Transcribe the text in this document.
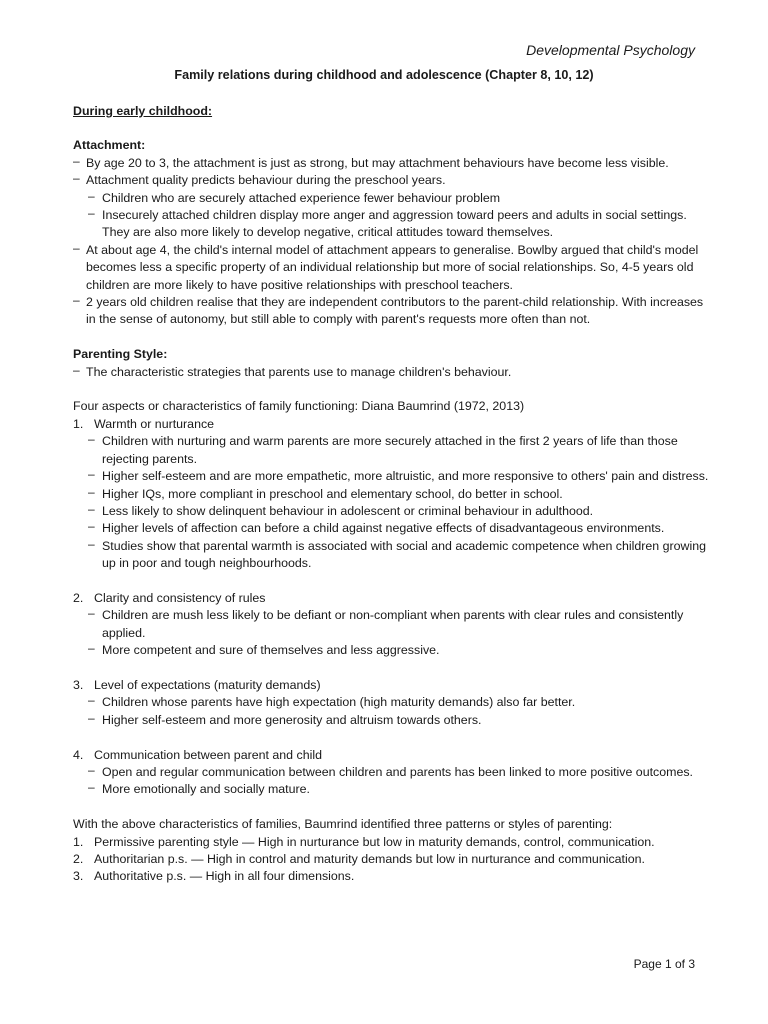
Developmental Psychology
Family relations during childhood and adolescence (Chapter 8, 10, 12)
During early childhood:
Attachment:
– By age 20 to 3, the attachment is just as strong, but may attachment behaviours have become less visible.
– Attachment quality predicts behaviour during the preschool years.
– Children who are securely attached experience fewer behaviour problem
– Insecurely attached children display more anger and aggression toward peers and adults in social settings. They are also more likely to develop negative, critical attitudes toward themselves.
– At about age 4, the child's internal model of attachment appears to generalise. Bowlby argued that child's model becomes less a specific property of an individual relationship but more of social relationships. So, 4-5 years old children are more likely to have positive relationships with preschool teachers.
– 2 years old children realise that they are independent contributors to the parent-child relationship. With increases in the sense of autonomy, but still able to comply with parent's requests more often than not.
Parenting Style:
– The characteristic strategies that parents use to manage children's behaviour.

Four aspects or characteristics of family functioning: Diana Baumrind (1972, 2013)

1. Warmth or nurturance
– Children with nurturing and warm parents are more securely attached in the first 2 years of life than those rejecting parents.
– Higher self-esteem and are more empathetic, more altruistic, and more responsive to others' pain and distress.
– Higher IQs, more compliant in preschool and elementary school, do better in school.
– Less likely to show delinquent behaviour in adolescent or criminal behaviour in adulthood.
– Higher levels of affection can before a child against negative effects of disadvantageous environments.
– Studies show that parental warmth is associated with social and academic competence when children growing up in poor and tough neighbourhoods.
2. Clarity and consistency of rules
– Children are mush less likely to be defiant or non-compliant when parents with clear rules and consistently applied.
– More competent and sure of themselves and less aggressive.
3. Level of expectations (maturity demands)
– Children whose parents have high expectation (high maturity demands) also far better.
– Higher self-esteem and more generosity and altruism towards others.
4. Communication between parent and child
– Open and regular communication between children and parents has been linked to more positive outcomes.
– More emotionally and socially mature.

With the above characteristics of families, Baumrind identified three patterns or styles of parenting:

1. Permissive parenting style — High in nurturance but low in maturity demands, control, communication.
2. Authoritarian p.s. — High in control and maturity demands but low in nurturance and communication.
3. Authoritative p.s. — High in all four dimensions.
Page 1 of 3
